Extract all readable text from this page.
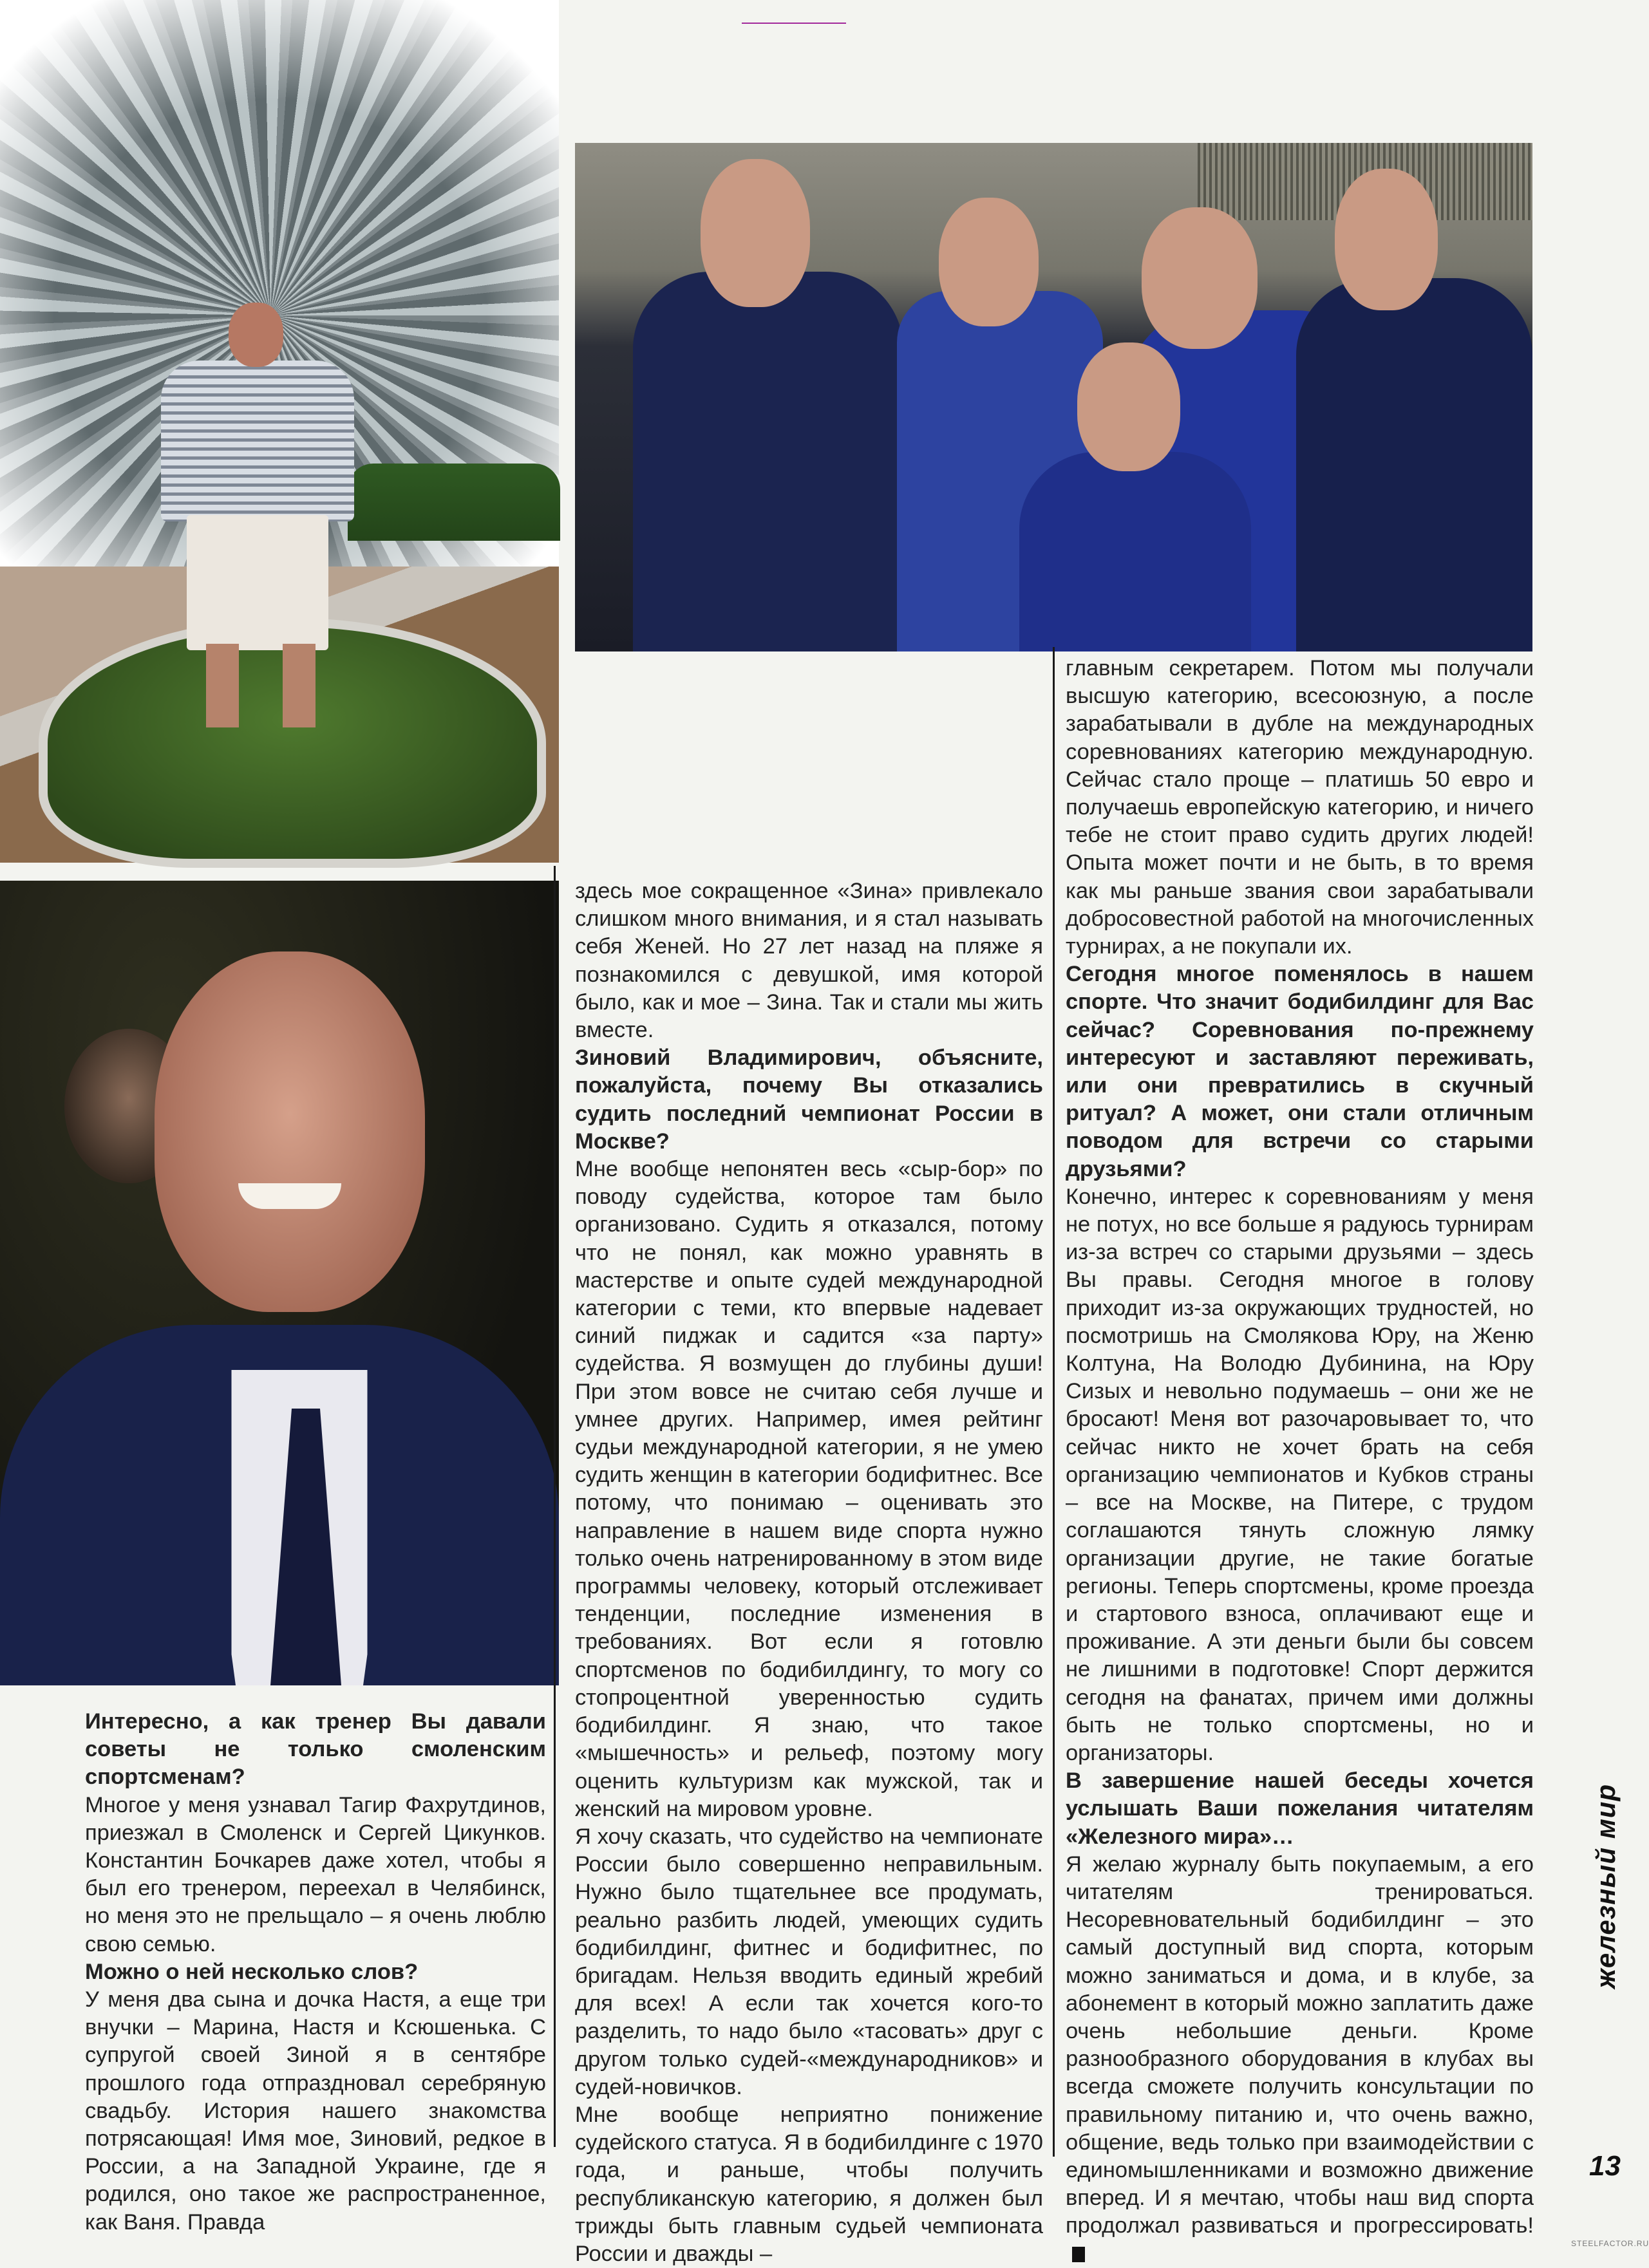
Интересно, а как тренер Вы давали советы не только смоленским спортсменам?

Многое у меня узнавал Тагир Фахрутдинов, приезжал в Смоленск и Сергей Цикунков. Константин Бочкарев даже хотел, чтобы я был его тренером, переехал в Челябинск, но меня это не прельщало – я очень люблю свою семью.

Можно о ней несколько слов?

У меня два сына и дочка Настя, а еще три внучки – Марина, Настя и Ксюшенька. С супругой своей Зиной я в сентябре прошлого года отпраздновал серебряную свадьбу. История нашего знакомства потрясающая! Имя мое, Зиновий, редкое в России, а на Западной Украине, где я родился, оно такое же распространенное, как Ваня. Правда

здесь мое сокращенное «Зина» привлекало слишком много внимания, и я стал называть себя Женей. Но 27 лет назад на пляже я познакомился с девушкой, имя которой было, как и мое – Зина. Так и стали мы жить вместе.

Зиновий Владимирович, объясните, пожалуйста, почему Вы отказались судить последний чемпионат России в Москве?

Мне вообще непонятен весь «сыр-бор» по поводу судейства, которое там было организовано. Судить я отказался, потому что не понял, как можно уравнять в мастерстве и опыте судей международной категории с теми, кто впервые надевает синий пиджак и садится «за парту» судейства. Я возмущен до глубины души! При этом вовсе не считаю себя лучше и умнее других. Например, имея рейтинг судьи международной категории, я не умею судить женщин в категории бодифитнес. Все потому, что понимаю – оценивать это направление в нашем виде спорта нужно только очень натренированному в этом виде программы человеку, который отслеживает тенденции, последние изменения в требованиях. Вот если я готовлю спортсменов по бодибилдингу, то могу со стопроцентной уверенностью судить бодибилдинг. Я знаю, что такое «мышечность» и рельеф, поэтому могу оценить культуризм как мужской, так и женский на мировом уровне.

Я хочу сказать, что судейство на чемпионате России было совершенно неправильным. Нужно было тщательнее все продумать, реально разбить людей, умеющих судить бодибилдинг, фитнес и бодифитнес, по бригадам. Нельзя вводить единый жребий для всех! А если так хочется кого-то разделить, то надо было «тасовать» друг с другом только судей-«международников» и судей-новичков.

Мне вообще неприятно понижение судейского статуса. Я в бодибилдинге с 1970 года, и раньше, чтобы получить республиканскую категорию, я должен был трижды быть главным судьей чемпионата России и дважды –

главным секретарем. Потом мы получали высшую категорию, всесоюзную, а после зарабатывали в дубле на международных соревнованиях категорию международную. Сейчас стало проще – платишь 50 евро и получаешь европейскую категорию, и ничего тебе не стоит право судить других людей! Опыта может почти и не быть, в то время как мы раньше звания свои зарабатывали добросовестной работой на многочисленных турнирах, а не покупали их.

Сегодня многое поменялось в нашем спорте. Что значит бодибилдинг для Вас сейчас? Соревнования по-прежнему интересуют и заставляют переживать, или они превратились в скучный ритуал? А может, они стали отличным поводом для встречи со старыми друзьями?

Конечно, интерес к соревнованиям у меня не потух, но все больше я радуюсь турнирам из-за встреч со старыми друзьями – здесь Вы правы. Сегодня многое в голову приходит из-за окружающих трудностей, но посмотришь на Смолякова Юру, на Женю Колтуна, На Володю Дубинина, на Юру Сизых и невольно подумаешь – они же не бросают! Меня вот разочаровывает то, что сейчас никто не хочет брать на себя организацию чемпионатов и Кубков страны – все на Москве, на Питере, с трудом соглашаются тянуть сложную лямку организации другие, не такие богатые регионы. Теперь спортсмены, кроме проезда и стартового взноса, оплачивают еще и проживание. А эти деньги были бы совсем не лишними в подготовке! Спорт держится сегодня на фанатах, причем ими должны быть не только спортсмены, но и организаторы.

В завершение нашей беседы хочется услышать Ваши пожелания читателям «Железного мира»…

Я желаю журналу быть покупаемым, а его читателям тренироваться. Несоревновательный бодибилдинг – это самый доступный вид спорта, которым можно заниматься и дома, и в клубе, за абонемент в который можно заплатить даже очень небольшие деньги. Кроме разнообразного оборудования в клубах вы всегда сможете получить консультации по правильному питанию и, что очень важно, общение, ведь только при взаимодействии с единомышленниками и возможно движение вперед. И я мечтаю, чтобы наш вид спорта продолжал развиваться и прогрессировать!

железный мир
13
STEELFACTOR.RU
